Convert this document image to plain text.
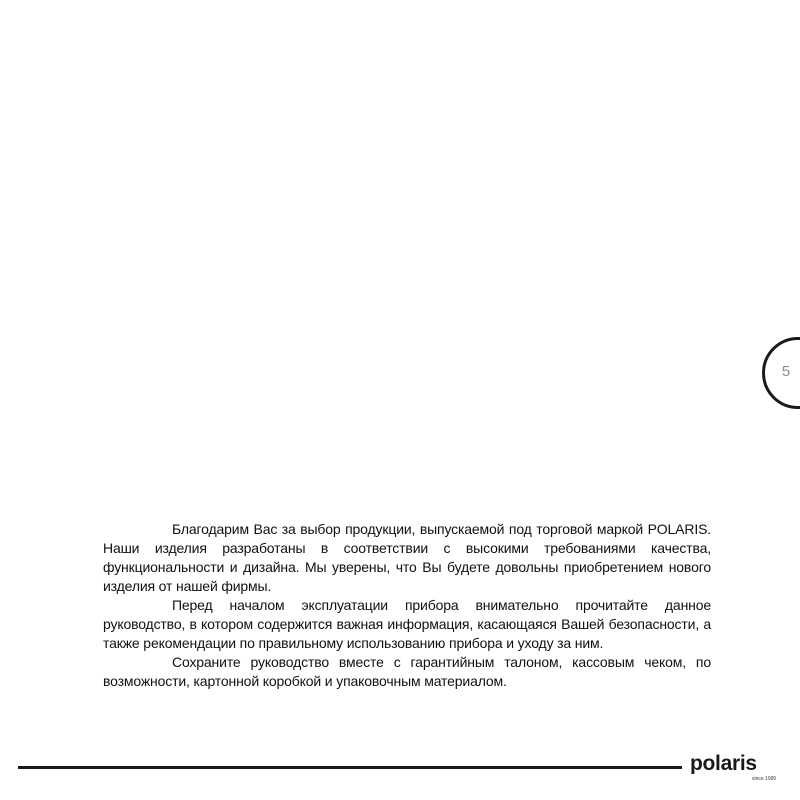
5

Благодарим Вас за выбор продукции, выпускаемой под торговой маркой POLARIS. Наши изделия разработаны в соответствии с высокими требованиями качества, функциональности и дизайна. Мы уверены, что Вы будете довольны приобретением нового изделия от нашей фирмы.

Перед началом эксплуатации прибора внимательно прочитайте данное руководство, в котором содержится важная информация, касающаяся Вашей безопасности, а также рекомендации по правильному использованию прибора и уходу за ним.

Сохраните руководство вместе с гарантийным талоном, кассовым чеком, по возможности, картонной коробкой и упаковочным материалом.

polaris
since 1995
